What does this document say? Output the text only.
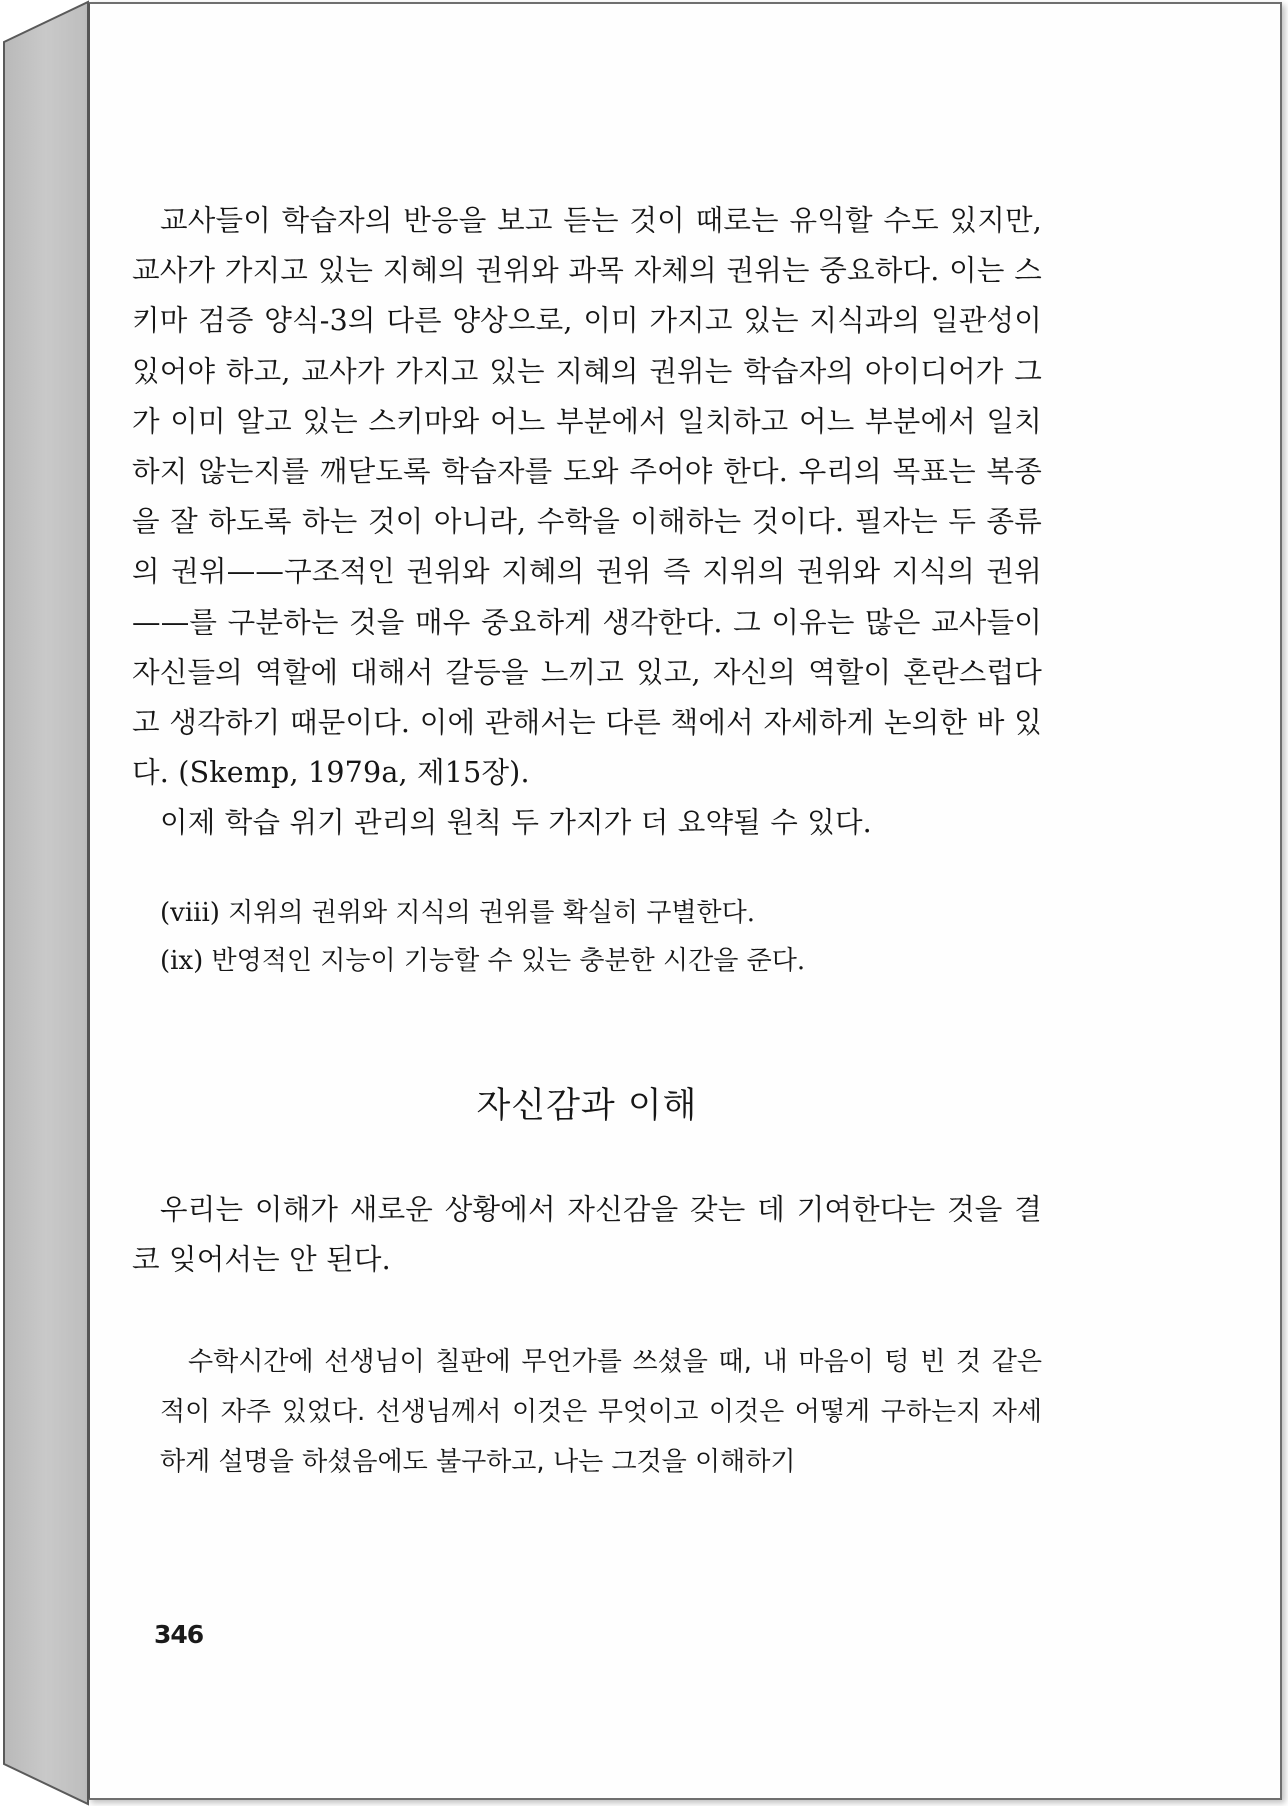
교사들이 학습자의 반응을 보고 듣는 것이 때로는 유익할 수도 있지만, 교사가 가지고 있는 지혜의 권위와 과목 자체의 권위는 중요하다. 이는 스키마 검증 양식-3의 다른 양상으로, 이미 가지고 있는 지식과의 일관성이 있어야 하고, 교사가 가지고 있는 지혜의 권위는 학습자의 아이디어가 그가 이미 알고 있는 스키마와 어느 부분에서 일치하고 어느 부분에서 일치하지 않는지를 깨닫도록 학습자를 도와 주어야 한다. 우리의 목표는 복종을 잘 하도록 하는 것이 아니라, 수학을 이해하는 것이다. 필자는 두 종류의 권위——구조적인 권위와 지혜의 권위 즉 지위의 권위와 지식의 권위——를 구분하는 것을 매우 중요하게 생각한다. 그 이유는 많은 교사들이 자신들의 역할에 대해서 갈등을 느끼고 있고, 자신의 역할이 혼란스럽다고 생각하기 때문이다. 이에 관해서는 다른 책에서 자세하게 논의한 바 있다. (Skemp, 1979a, 제15장).

이제 학습 위기 관리의 원칙 두 가지가 더 요약될 수 있다.

(viii) 지위의 권위와 지식의 권위를 확실히 구별한다.
(ix) 반영적인 지능이 기능할 수 있는 충분한 시간을 준다.
자신감과 이해

우리는 이해가 새로운 상황에서 자신감을 갖는 데 기여한다는 것을 결코 잊어서는 안 된다.

수학시간에 선생님이 칠판에 무언가를 쓰셨을 때, 내 마음이 텅 빈 것 같은 적이 자주 있었다. 선생님께서 이것은 무엇이고 이것은 어떻게 구하는지 자세하게 설명을 하셨음에도 불구하고, 나는 그것을 이해하기

346
